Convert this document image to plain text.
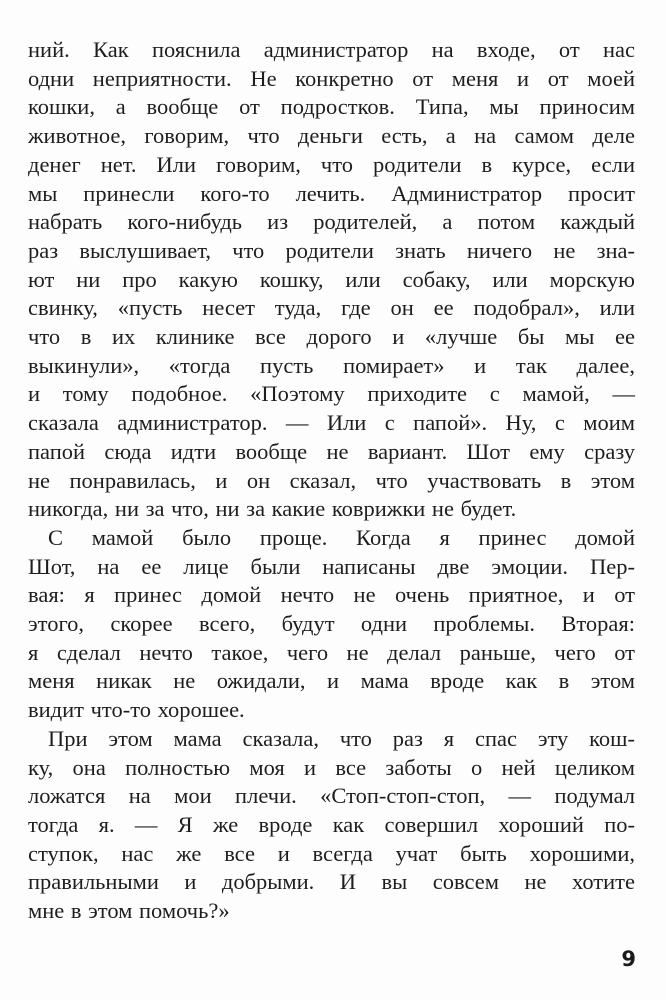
ний. Как пояснила администратор на входе, от нас
одни неприятности. Не конкретно от меня и от моей
кошки, а вообще от подростков. Типа, мы приносим
животное, говорим, что деньги есть, а на самом деле
денег нет. Или говорим, что родители в курсе, если
мы принесли кого-то лечить. Администратор просит
набрать кого-нибудь из родителей, а потом каждый
раз выслушивает, что родители знать ничего не зна-
ют ни про какую кошку, или собаку, или морскую
свинку, «пусть несет туда, где он ее подобрал», или
что в их клинике все дорого и «лучше бы мы ее
выкинули», «тогда пусть помирает» и так далее,
и тому подобное. «Поэтому приходите с мамой, —
сказала администратор. — Или с папой». Ну, с моим
папой сюда идти вообще не вариант. Шот ему сразу
не понравилась, и он сказал, что участвовать в этом
никогда, ни за что, ни за какие коврижки не будет.
С мамой было проще. Когда я принес домой
Шот, на ее лице были написаны две эмоции. Пер-
вая: я принес домой нечто не очень приятное, и от
этого, скорее всего, будут одни проблемы. Вторая:
я сделал нечто такое, чего не делал раньше, чего от
меня никак не ожидали, и мама вроде как в этом
видит что-то хорошее.
При этом мама сказала, что раз я спас эту кош-
ку, она полностью моя и все заботы о ней целиком
ложатся на мои плечи. «Стоп-стоп-стоп, — подумал
тогда я. — Я же вроде как совершил хороший по-
ступок, нас же все и всегда учат быть хорошими,
правильными и добрыми. И вы совсем не хотите
мне в этом помочь?»
9
